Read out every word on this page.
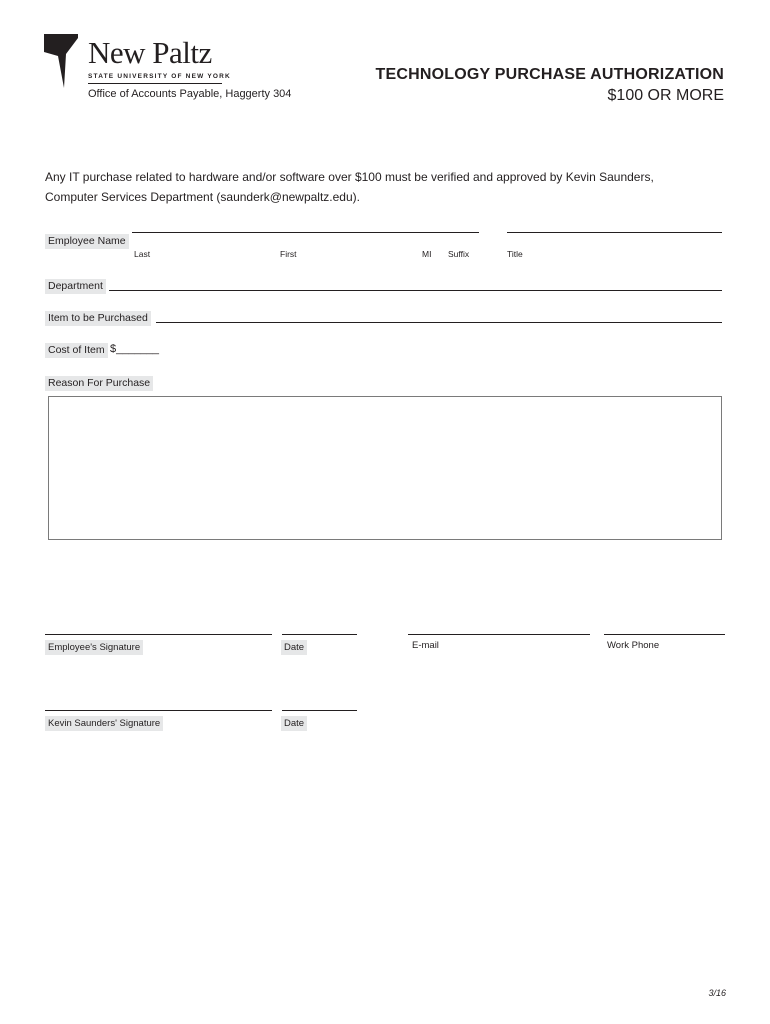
New Paltz
STATE UNIVERSITY OF NEW YORK
Office of Accounts Payable, Haggerty 304
TECHNOLOGY PURCHASE AUTHORIZATION
$100 OR MORE
Any IT purchase related to hardware and/or software over $100 must be verified and approved by Kevin Saunders,
Computer Services Department (saunderk@newpaltz.edu).
Employee Name
Last	First	MI Suffix	Title
Department
Item to be Purchased
Cost of Item $_______
Reason For Purchase
Employee's Signature	Date	E-mail	Work Phone
Kevin Saunders' Signature	Date
3/16
